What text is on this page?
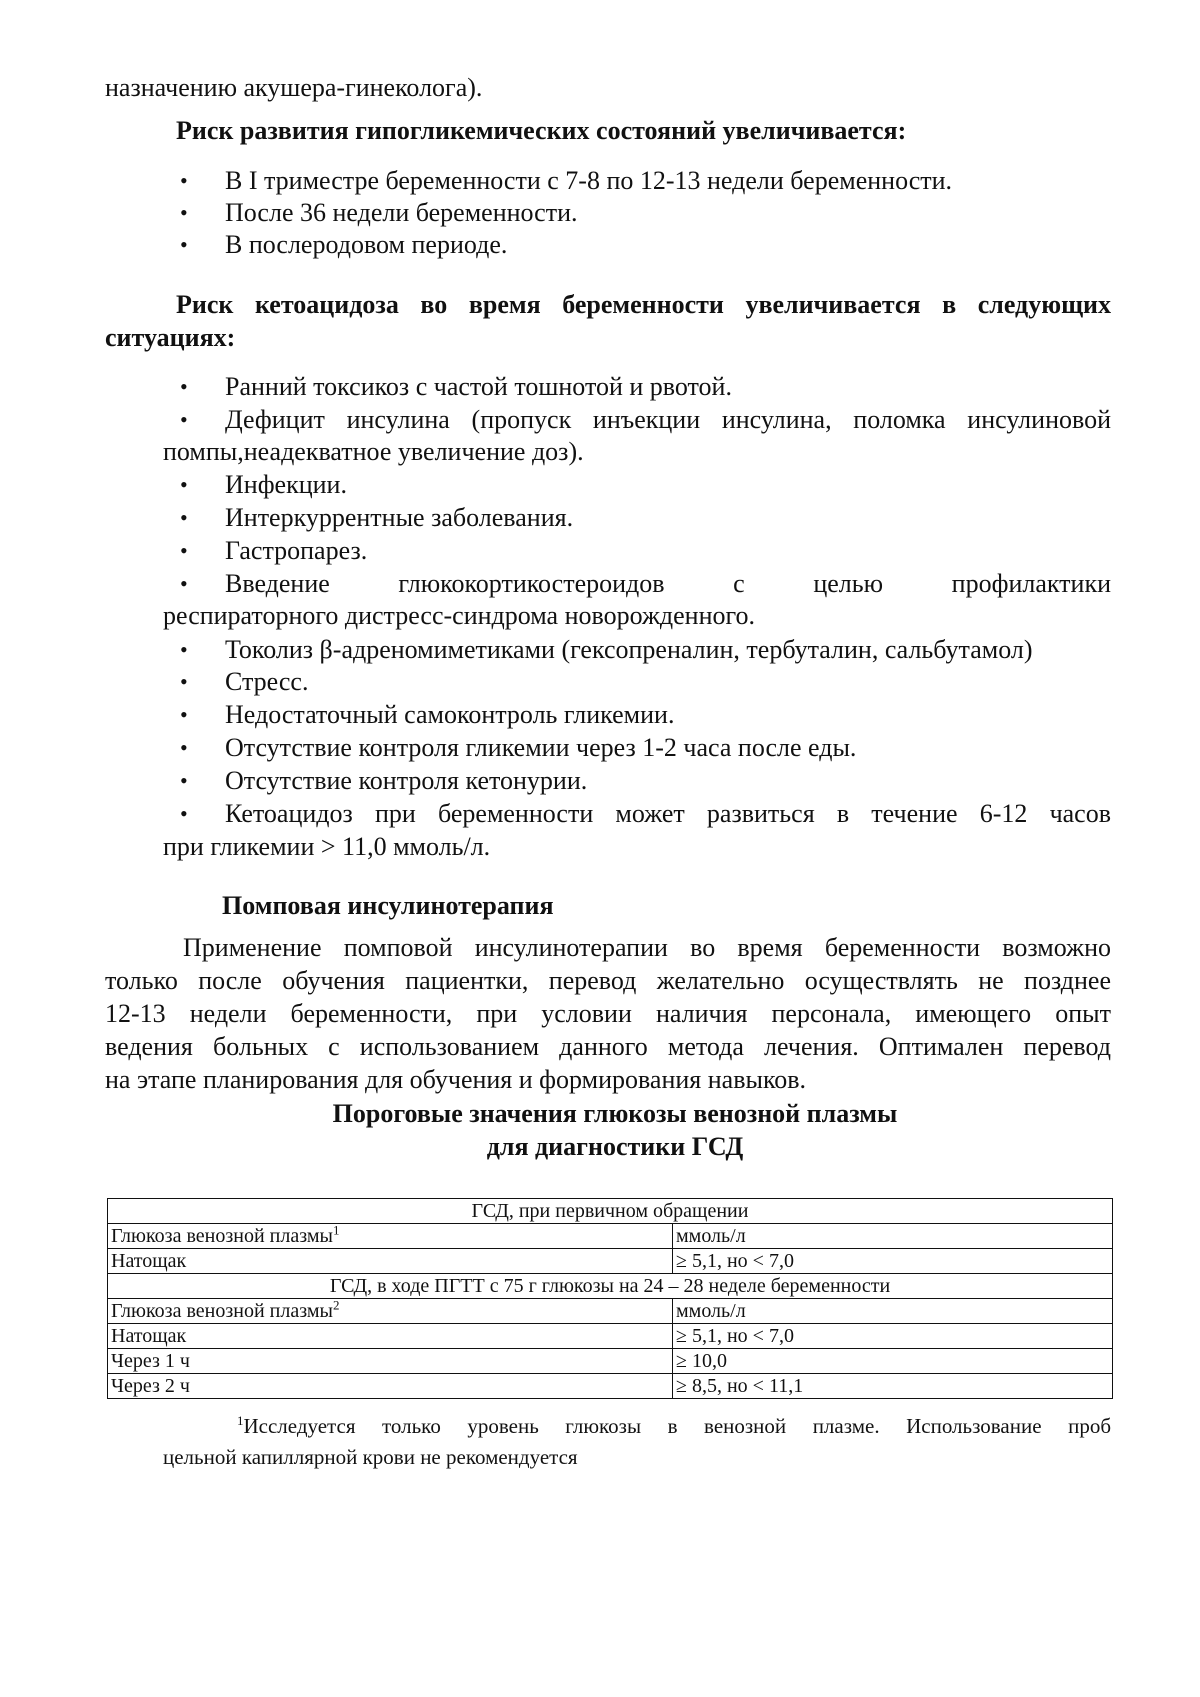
назначению акушера-гинеколога).
Риск развития гипогликемических состояний увеличивается:
• В I триместре беременности с 7-8 по 12-13 недели беременности.
• После 36 недели беременности.
• В послеродовом периоде.
Риск кетоацидоза во время беременности увеличивается в следующих
ситуациях:
• Ранний токсикоз с частой тошнотой и рвотой.
• Дефицит инсулина (пропуск инъекции инсулина, поломка инсулиновой
помпы,неадекватное увеличение доз).
• Инфекции.
• Интеркуррентные заболевания.
• Гастропарез.
• Введение глюкокортикостероидов с целью профилактики
респираторного дистресс-синдрома новорожденного.
• Токолиз β-адреномиметиками (гексопреналин, тербуталин, сальбутамол)
• Стресс.
• Недостаточный самоконтроль гликемии.
• Отсутствие контроля гликемии через 1-2 часа после еды.
• Отсутствие контроля кетонурии.
• Кетоацидоз при беременности может развиться в течение 6-12 часов
при гликемии > 11,0 ммоль/л.
Помповая инсулинотерапия
Применение помповой инсулинотерапии во время беременности возможно
только после обучения пациентки, перевод желательно осуществлять не позднее
12-13 недели беременности, при условии наличия персонала, имеющего опыт
ведения больных с использованием данного метода лечения. Оптимален перевод
на этапе планирования для обучения и формирования навыков.
Пороговые значения глюкозы венозной плазмы
для диагностики ГСД
ГСД, при первичном обращении	
Глюкоза венозной плазмы$^1$	ммоль/л
Натощак	≥ 5,1, но < 7,0
ГСД, в ходе ПГТТ с 75 г глюкозы на 24 – 28 неделе беременности	
Глюкоза венозной плазмы$^2$	ммоль/л
Натощак	≥ 5,1, но < 7,0
Через 1 ч	≥ 10,0
Через 2 ч	≥ 8,5, но < 11,1
$^1$Исследуется только уровень глюкозы в венозной плазме. Использование проб
цельной капиллярной крови не рекомендуется
